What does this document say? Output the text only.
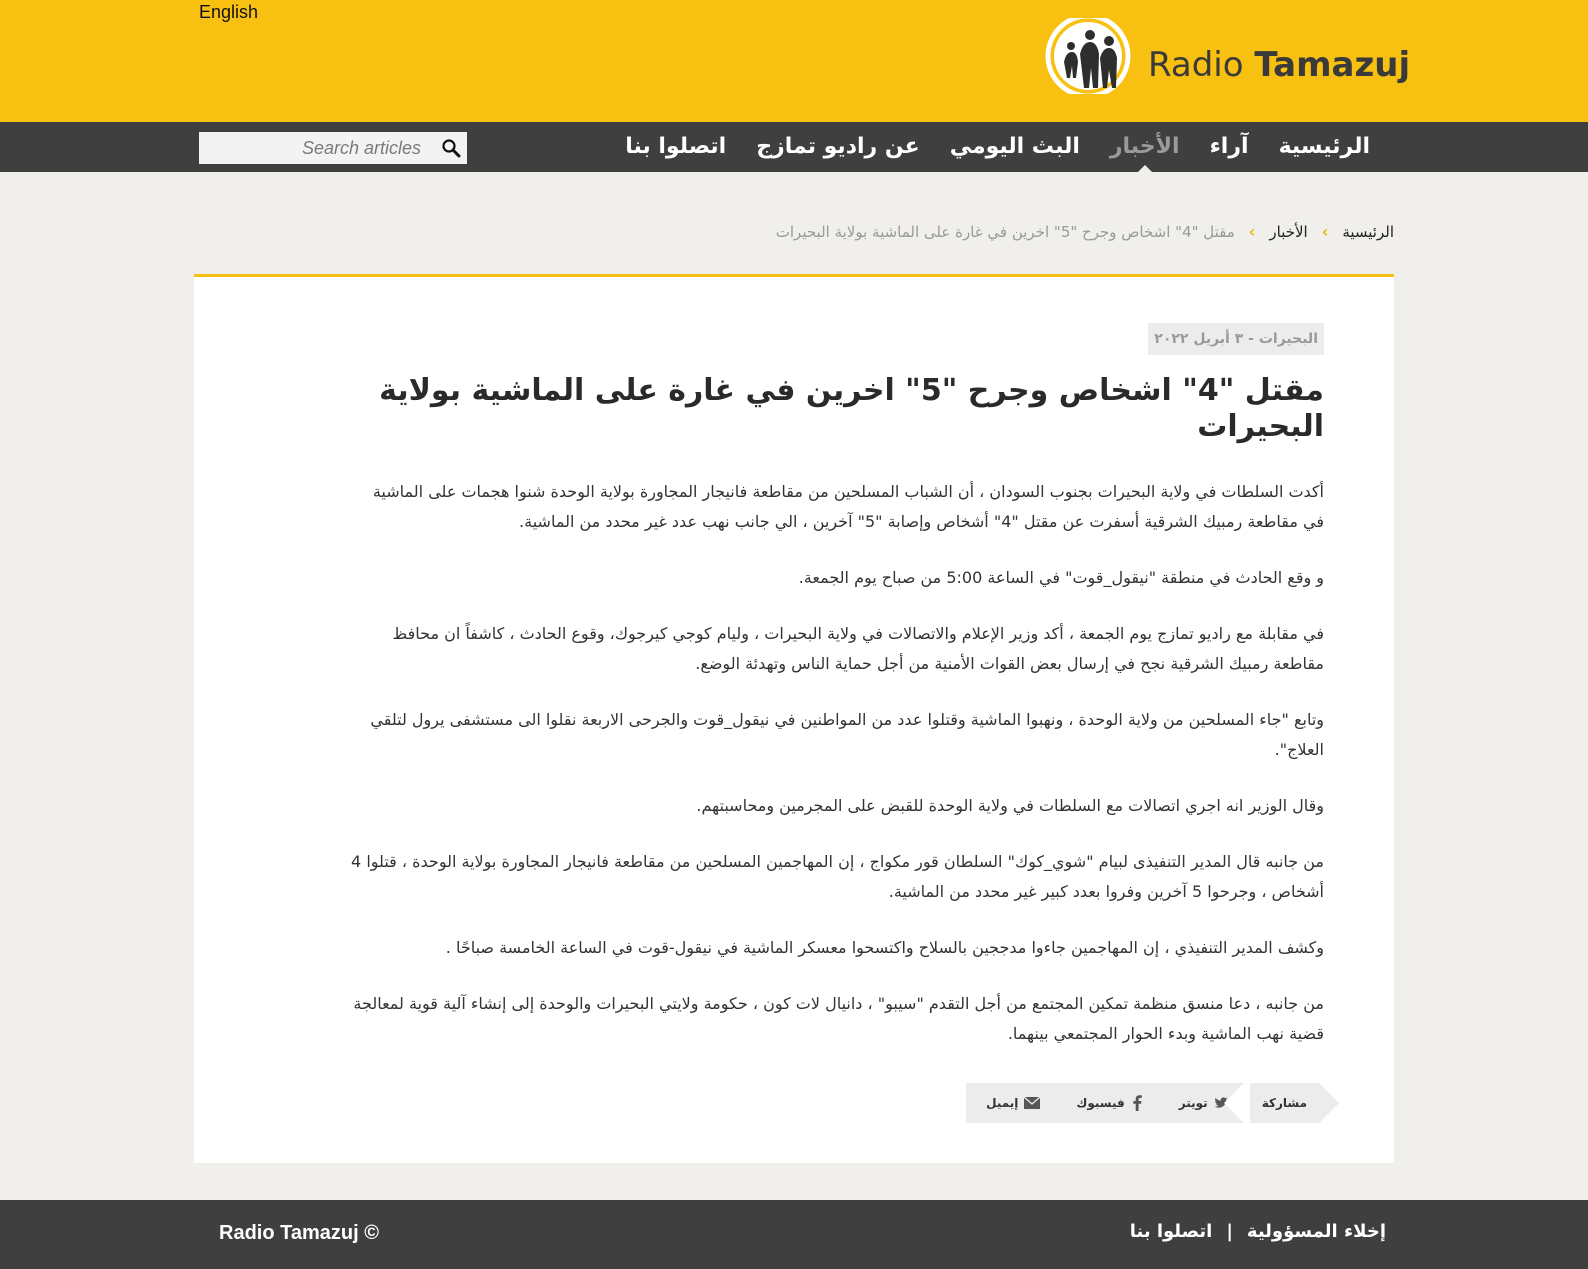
English
Radio Tamazuj
Search articles
الرئيسية
آراء
الأخبار
البث اليومي
عن راديو تمازج
اتصلوا بنا
الرئيسية
‹
الأخبار
‹
مقتل "4" اشخاص وجرح "5" اخرين في غارة على الماشية بولاية البحيرات
البحيرات - ٣ أبريل ٢٠٢٢
مقتل "4" اشخاص وجرح "5" اخرين في غارة على الماشية بولاية البحيرات

أكدت السلطات في ولاية البحيرات بجنوب السودان ، أن الشباب المسلحين من مقاطعة فانيجار المجاورة بولاية الوحدة شنوا هجمات على الماشية في مقاطعة رمبيك الشرقية أسفرت عن مقتل "4" أشخاص وإصابة "5" آخرين ، الي جانب نهب عدد غير محدد من الماشية.

و وقع الحادث في منطقة "نيقول_قوت" في الساعة 5:00 من صباح يوم الجمعة.

في مقابلة مع راديو تمازج يوم الجمعة ، أكد وزير الإعلام والاتصالات في ولاية البحيرات ، وليام كوجي كيرجوك، وقوع الحادث ، كاشفاً ان محافظ مقاطعة رمبيك الشرقية نجح في إرسال بعض القوات الأمنية من أجل حماية الناس وتهدئة الوضع.

وتابع "جاء المسلحين من ولاية الوحدة ، ونهبوا الماشية وقتلوا عدد من المواطنين في نيقول_قوت والجرحى الاربعة نقلوا الى مستشفى يرول لتلقي العلاج".

وقال الوزير انه اجري اتصالات مع السلطات في ولاية الوحدة للقبض على المجرمين ومحاسبتهم.

من جانبه قال المدير التنفيذى لبيام "شوي_كوك" السلطان قور مكواج ، إن المهاجمين المسلحين من مقاطعة فانيجار المجاورة بولاية الوحدة ، قتلوا 4 أشخاص ، وجرحوا 5 آخرين وفروا بعدد كبير غير محدد من الماشية.

وكشف المدير التنفيذي ، إن المهاجمين جاءوا مدججين بالسلاح واكتسحوا معسكر الماشية في نيقول-قوت في الساعة الخامسة صباحًا .

من جانبه ، دعا منسق منظمة تمكين المجتمع من أجل التقدم "سيبو" ، دانيال لات كون ، حكومة ولايتي البحيرات والوحدة إلى إنشاء آلية قوية لمعالجة قضية نهب الماشية وبدء الحوار المجتمعي بينهما.

مشاركة
تويتر
فيسبوك
إيميل
Radio Tamazuj ©	إخلاء المسؤولية
|
اتصلوا بنا
